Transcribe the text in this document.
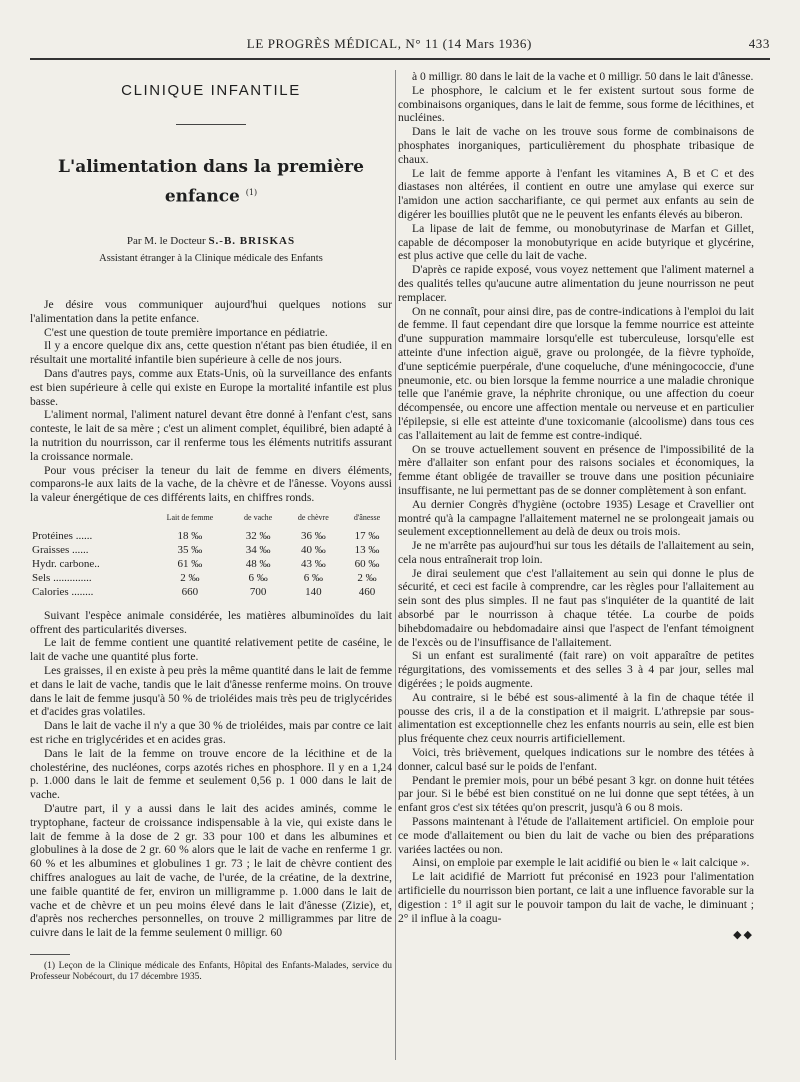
LE PROGRÈS MÉDICAL, N° 11 (14 Mars 1936)	433
CLINIQUE INFANTILE
L'alimentation dans la première enfance $^{(1)}$
Par M. le Docteur S.-B. BRISKAS
Assistant étranger à la Clinique médicale des Enfants

Je désire vous communiquer aujourd'hui quelques notions sur l'alimentation dans la petite enfance.

C'est une question de toute première importance en pédiatrie.

Il y a encore quelque dix ans, cette question n'étant pas bien étudiée, il en résultait une mortalité infantile bien supérieure à celle de nos jours.

Dans d'autres pays, comme aux Etats-Unis, où la surveillance des enfants est bien supérieure à celle qui existe en Europe la mortalité infantile est plus basse.

L'aliment normal, l'aliment naturel devant être donné à l'enfant c'est, sans conteste, le lait de sa mère ; c'est un aliment complet, équilibré, bien adapté à la nutrition du nourrisson, car il renferme tous les éléments nutritifs assurant la croissance normale.

Pour vous préciser la teneur du lait de femme en divers éléments, comparons-le aux laits de la vache, de la chèvre et de l'ânesse. Voyons aussi la valeur énergétique de ces différents laits, en chiffres ronds.

	Lait de femme	de vache	de chèvre	d'ânesse
Protéines ......	18 ‰	32 ‰	36 ‰	17 ‰
Graisses ......	35 ‰	34 ‰	40 ‰	13 ‰
Hydr. carbone..	61 ‰	48 ‰	43 ‰	60 ‰
Sels ..............	2 ‰	6 ‰	6 ‰	2 ‰
Calories ........	660	700	140	460

Suivant l'espèce animale considérée, les matières albuminoïdes du lait offrent des particularités diverses.

Le lait de femme contient une quantité relativement petite de caséine, le lait de vache une quantité plus forte.

Les graisses, il en existe à peu près la même quantité dans le lait de femme et dans le lait de vache, tandis que le lait d'ânesse renferme moins. On trouve dans le lait de femme jusqu'à 50 % de trioléides mais très peu de triglycérides et d'acides gras volatiles.

Dans le lait de vache il n'y a que 30 % de trioléides, mais par contre ce lait est riche en triglycérides et en acides gras.

Dans le lait de la femme on trouve encore de la lécithine et de la cholestérine, des nucléones, corps azotés riches en phosphore. Il y en a 1,24 p. 1.000 dans le lait de femme et seulement 0,56 p. 1 000 dans le lait de vache.

D'autre part, il y a aussi dans le lait des acides aminés, comme le tryptophane, facteur de croissance indispensable à la vie, qui existe dans le lait de femme à la dose de 2 gr. 33 pour 100 et dans les albumines et globulines à la dose de 2 gr. 60 % alors que le lait de vache en renferme 1 gr. 60 % et les albumines et globulines 1 gr. 73 ; le lait de chèvre contient des chiffres analogues au lait de vache, de l'urée, de la créatine, de la dextrine, une faible quantité de fer, environ un milligramme p. 1.000 dans le lait de vache et de chèvre et un peu moins élevé dans le lait d'ânesse (Zizie), et, d'après nos recherches personnelles, on trouve 2 milligrammes par litre de cuivre dans le lait de la femme seulement 0 milligr. 60

(1) Leçon de la Clinique médicale des Enfants, Hôpital des Enfants-Malades, service du Professeur Nobécourt, du 17 décembre 1935.

à 0 milligr. 80 dans le lait de la vache et 0 milligr. 50 dans le lait d'ânesse.

Le phosphore, le calcium et le fer existent surtout sous forme de combinaisons organiques, dans le lait de femme, sous forme de lécithines, et nucléines.

Dans le lait de vache on les trouve sous forme de combinaisons de phosphates inorganiques, particulièrement du phosphate tribasique de chaux.

Le lait de femme apporte à l'enfant les vitamines A, B et C et des diastases non altérées, il contient en outre une amylase qui exerce sur l'amidon une action saccharifiante, ce qui permet aux enfants au sein de digérer les bouillies plutôt que ne le peuvent les enfants élevés au biberon.

La lipase de lait de femme, ou monobutyrinase de Marfan et Gillet, capable de décomposer la monobutyrique en acide butyrique et glycérine, est plus active que celle du lait de vache.

D'après ce rapide exposé, vous voyez nettement que l'aliment maternel a des qualités telles qu'aucune autre alimentation du jeune nourrisson ne peut remplacer.

On ne connaît, pour ainsi dire, pas de contre-indications à l'emploi du lait de femme. Il faut cependant dire que lorsque la femme nourrice est atteinte d'une suppuration mammaire lorsqu'elle est tuberculeuse, lorsqu'elle est atteinte d'une infection aiguë, grave ou prolongée, de la fièvre typhoïde, d'une septicémie puerpérale, d'une coqueluche, d'une méningococcie, d'une pneumonie, etc. ou bien lorsque la femme nourrice a une maladie chronique telle que l'anémie grave, la néphrite chronique, ou une affection du coeur décompensée, ou encore une affection mentale ou nerveuse et en particulier l'épilepsie, si elle est atteinte d'une toxicomanie (alcoolisme) dans tous ces cas l'allaitement au lait de femme est contre-indiqué.

On se trouve actuellement souvent en présence de l'impossibilité de la mère d'allaiter son enfant pour des raisons sociales et économiques, la femme étant obligée de travailler se trouve dans une position pécuniaire insuffisante, ne lui permettant pas de se donner complètement à son enfant.

Au dernier Congrès d'hygiène (octobre 1935) Lesage et Cravellier ont montré qu'à la campagne l'allaitement maternel ne se prolongeait jamais ou seulement exceptionnellement au delà de deux ou trois mois.

Je ne m'arrête pas aujourd'hui sur tous les détails de l'allaitement au sein, cela nous entraînerait trop loin.

Je dirai seulement que c'est l'allaitement au sein qui donne le plus de sécurité, et ceci est facile à comprendre, car les règles pour l'allaitement au sein sont des plus simples. Il ne faut pas s'inquiéter de la quantité de lait absorbé par le nourrisson à chaque tétée. La courbe de poids bihebdomadaire ou hebdomadaire ainsi que l'aspect de l'enfant témoignent de l'excès ou de l'insuffisance de l'allaitement.

Si un enfant est suralimenté (fait rare) on voit apparaître de petites régurgitations, des vomissements et des selles 3 à 4 par jour, selles mal digérées ; le poids augmente.

Au contraire, si le bébé est sous-alimenté à la fin de chaque tétée il pousse des cris, il a de la constipation et il maigrit. L'athrepsie par sous-alimentation est exceptionnelle chez les enfants nourris au sein, elle est bien plus fréquente chez ceux nourris artificiellement.

Voici, très brièvement, quelques indications sur le nombre des tétées à donner, calcul basé sur le poids de l'enfant.

Pendant le premier mois, pour un bébé pesant 3 kgr. on donne huit tétées par jour. Si le bébé est bien constitué on ne lui donne que sept tétées, à un enfant gros c'est six tétées qu'on prescrit, jusqu'à 6 ou 8 mois.

Passons maintenant à l'étude de l'allaitement artificiel. On emploie pour ce mode d'allaitement ou bien du lait de vache ou bien des préparations variées lactées ou non.

Ainsi, on emploie par exemple le lait acidifié ou bien le « lait calcique ».

Le lait acidifié de Marriott fut préconisé en 1923 pour l'alimentation artificielle du nourrisson bien portant, ce lait a une influence favorable sur la digestion : 1° il agit sur le pouvoir tampon du lait de vache, le diminuant ; 2° il influe à la coagu-

◆◆
